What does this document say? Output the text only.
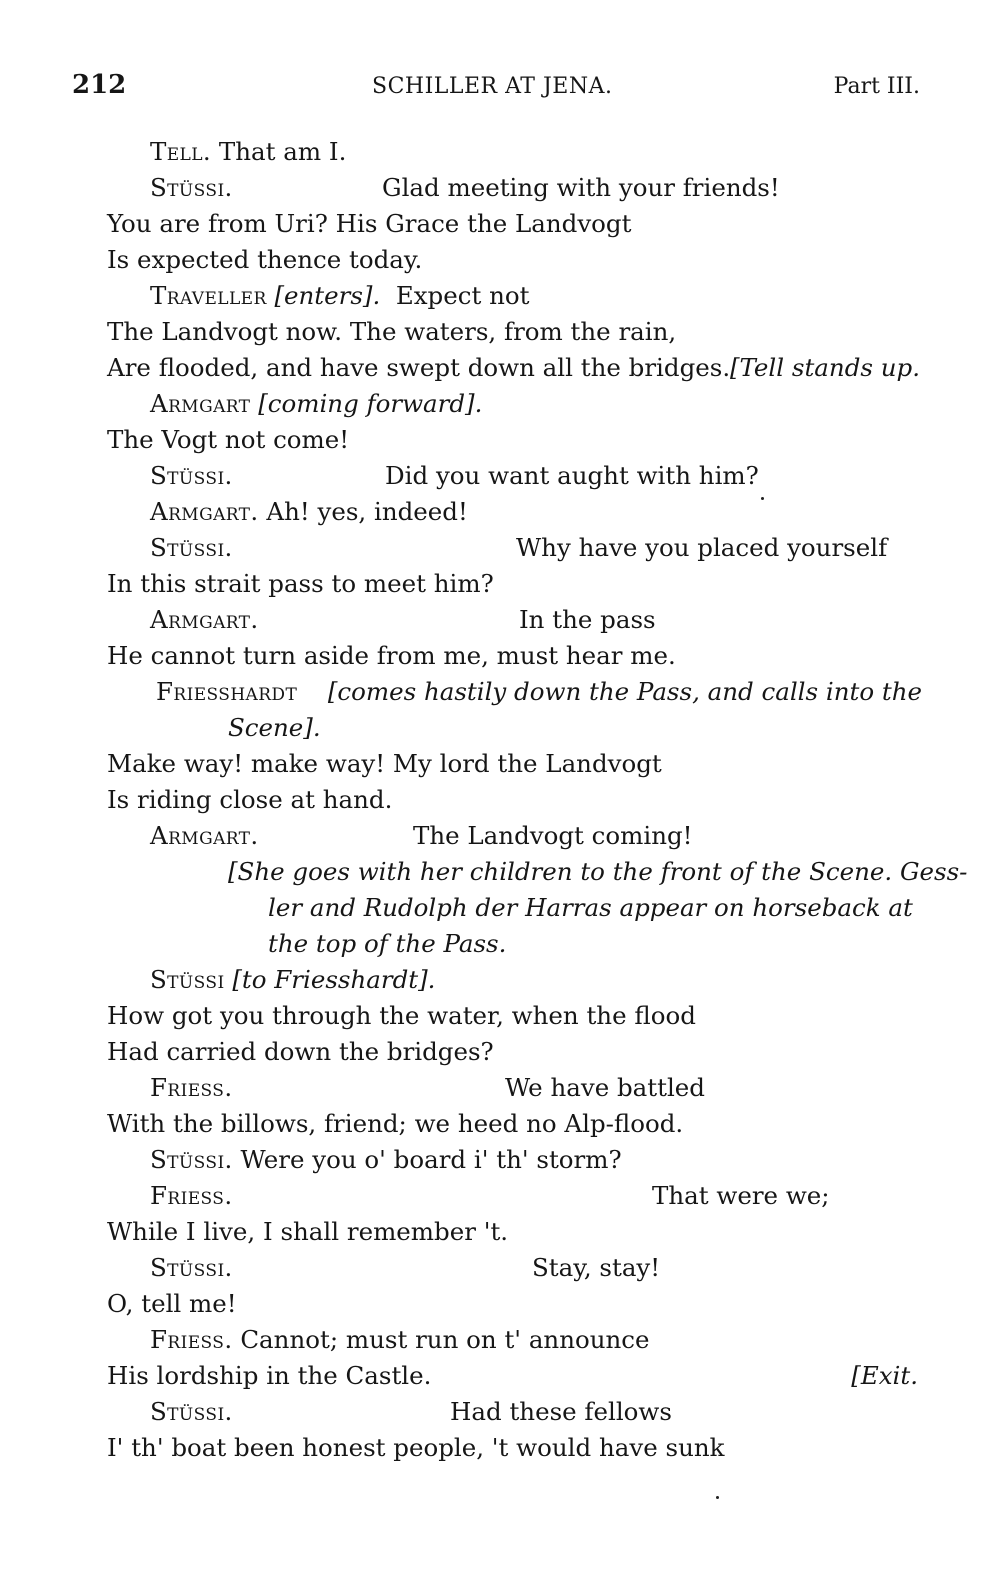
212	SCHILLER AT JENA.	Part III.
Tell. That am I.
Stüssi.	Glad meeting with your friends!
You are from Uri? His Grace the Landvogt
Is expected thence today.
Traveller [enters]. Expect not
The Landvogt now. The waters, from the rain,
Are flooded, and have swept down all the bridges. [Tell stands up.
Armgart [coming forward].
The Vogt not come!
Stüssi.	Did you want aught with him?
Armgart. Ah! yes, indeed!
Stüssi.	Why have you placed yourself
In this strait pass to meet him?
Armgart.	In the pass
He cannot turn aside from me, must hear me.
Friesshardt [comes hastily down the Pass, and calls into the
Scene].
Make way! make way! My lord the Landvogt
Is riding close at hand.
Armgart.	The Landvogt coming!
[She goes with her children to the front of the Scene. Gess-
ler and Rudolph der Harras appear on horseback at
the top of the Pass.
Stüssi [to Friesshardt].
How got you through the water, when the flood
Had carried down the bridges?
Friess.	We have battled
With the billows, friend; we heed no Alp-flood.
Stüssi. Were you o' board i' th' storm?
Friess.	That were we;
While I live, I shall remember 't.
Stüssi.	Stay, stay!
O, tell me!
Friess. Cannot; must run on t' announce
His lordship in the Castle.	[Exit.
Stüssi.	Had these fellows
I' th' boat been honest people, 't would have sunk
